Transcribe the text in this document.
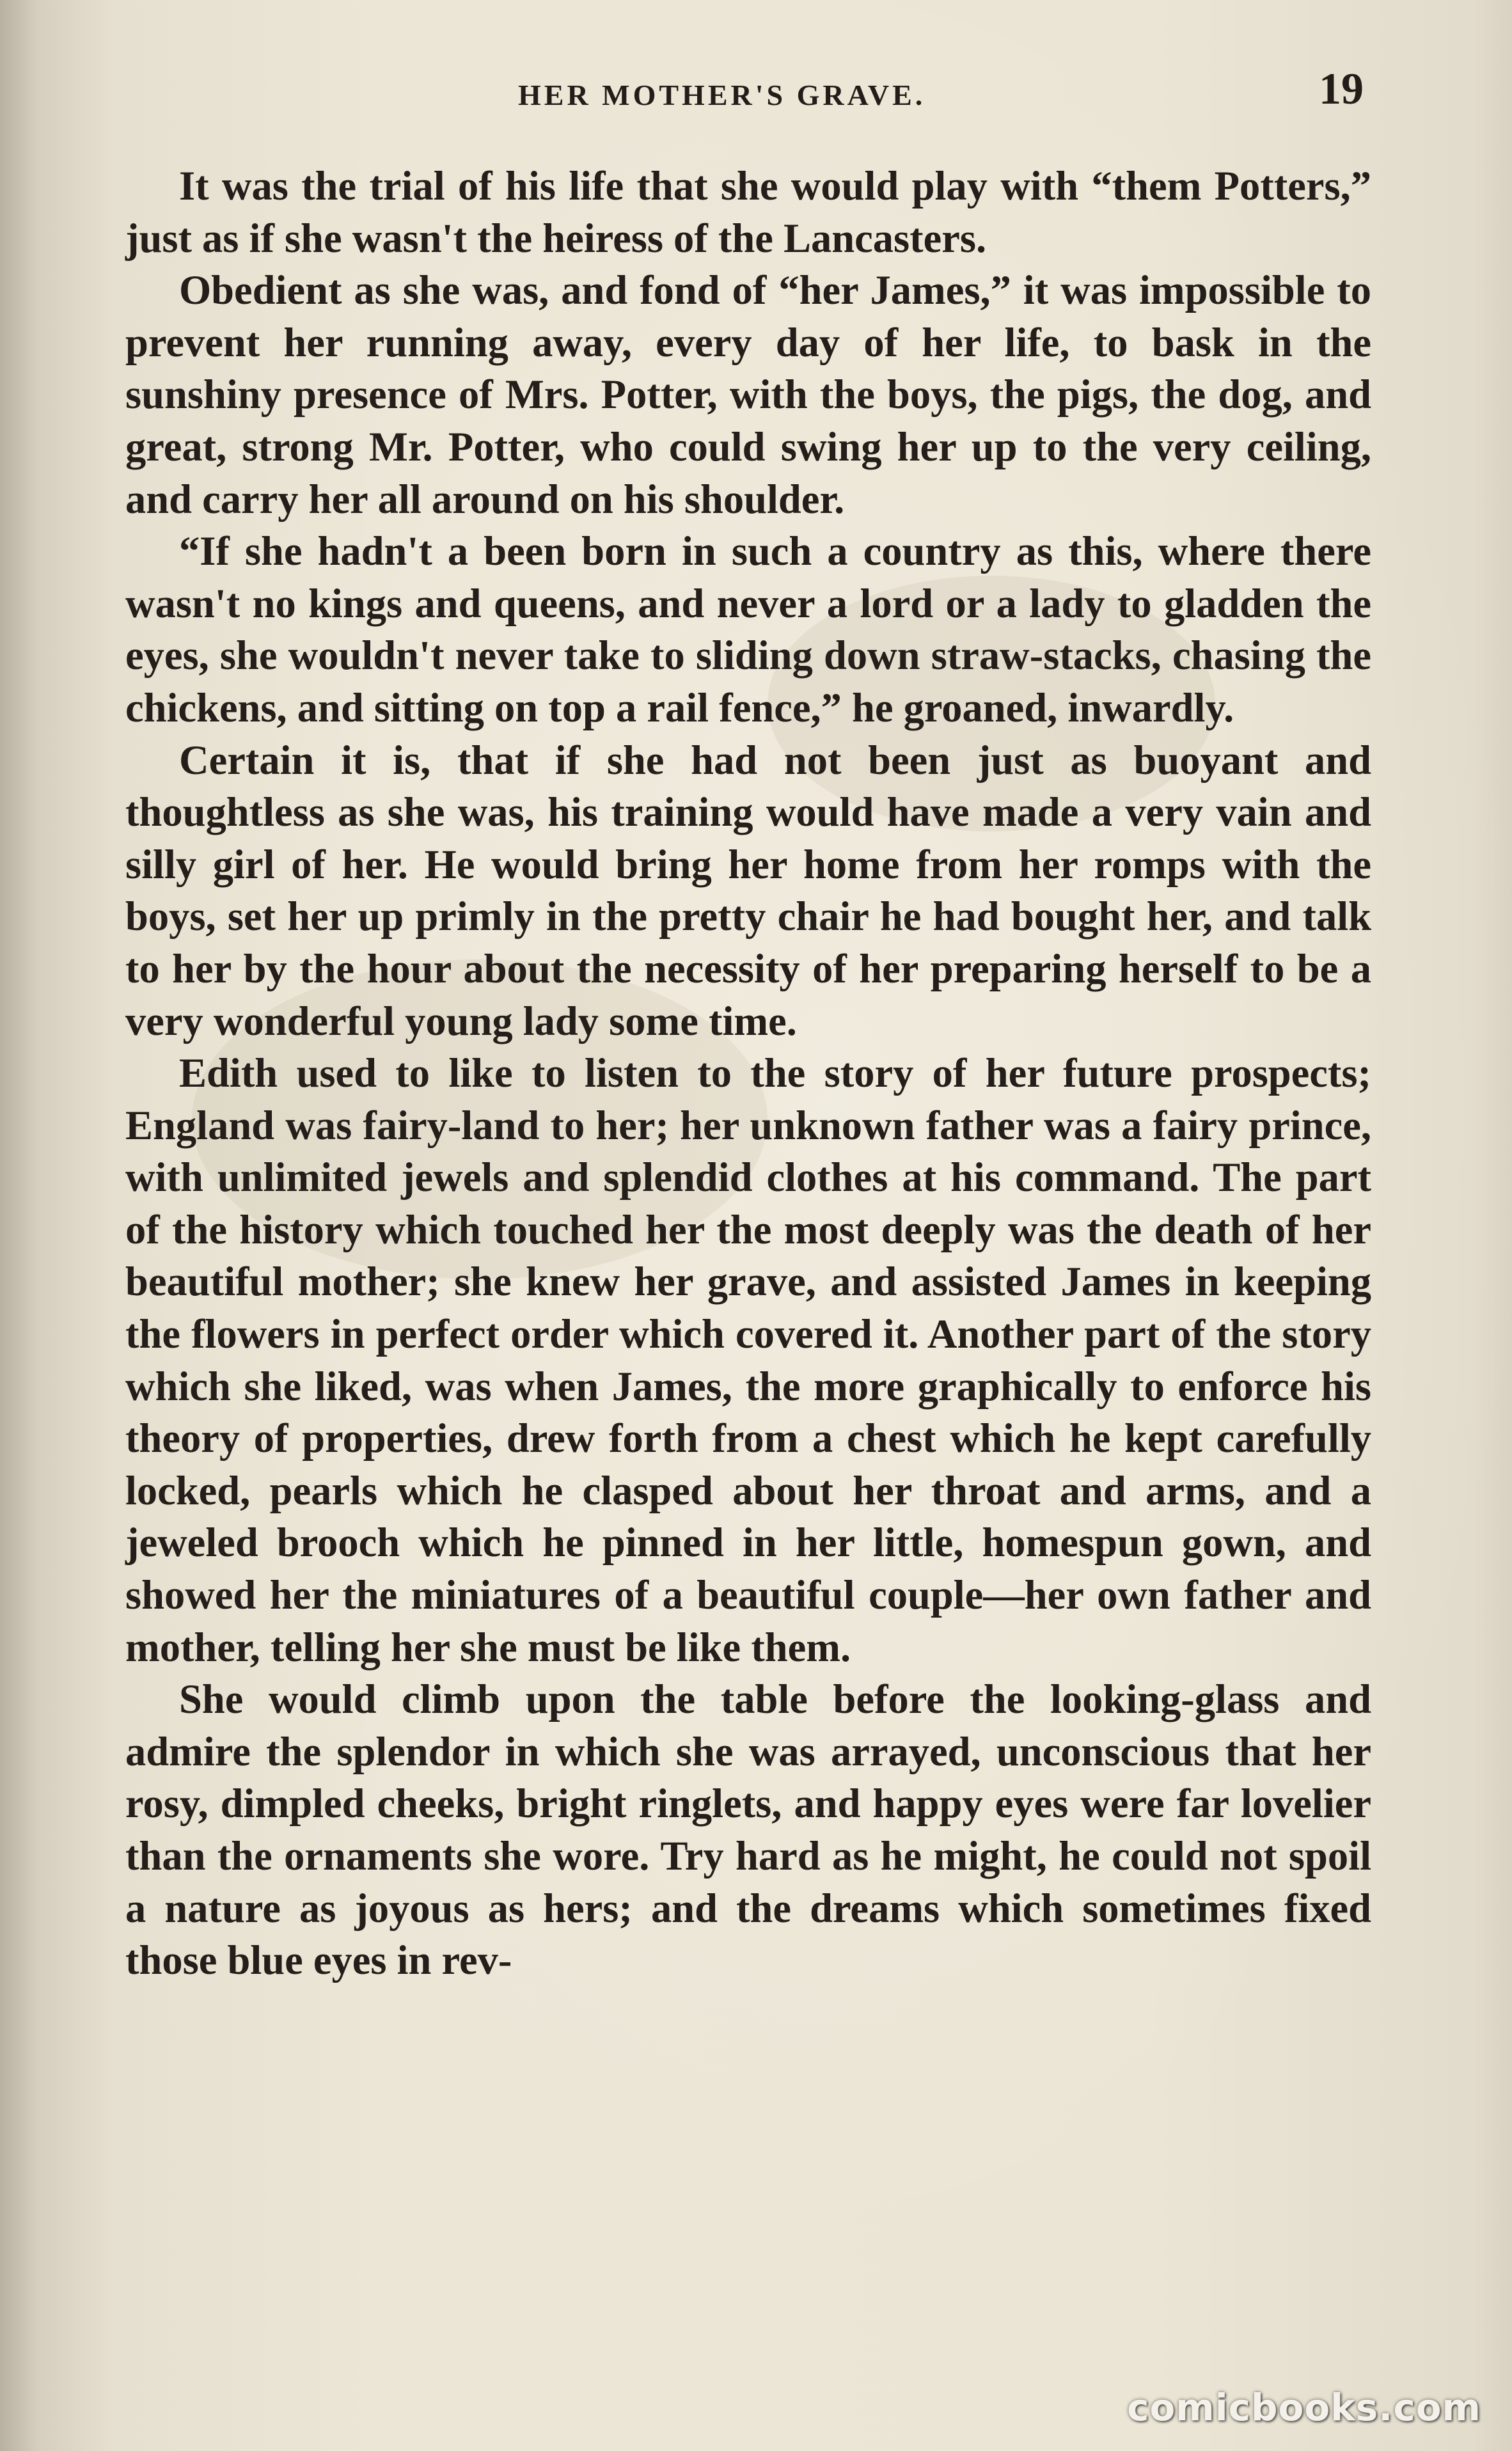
HER MOTHER'S GRAVE.	19

It was the trial of his life that she would play with “them Potters,” just as if she wasn't the heiress of the Lancasters.

Obedient as she was, and fond of “her James,” it was impossible to prevent her running away, every day of her life, to bask in the sunshiny presence of Mrs. Potter, with the boys, the pigs, the dog, and great, strong Mr. Potter, who could swing her up to the very ceiling, and carry her all around on his shoulder.

“If she hadn't a been born in such a country as this, where there wasn't no kings and queens, and never a lord or a lady to gladden the eyes, she wouldn't never take to sliding down straw-stacks, chasing the chickens, and sitting on top a rail fence,” he groaned, inwardly.

Certain it is, that if she had not been just as buoyant and thoughtless as she was, his training would have made a very vain and silly girl of her. He would bring her home from her romps with the boys, set her up primly in the pretty chair he had bought her, and talk to her by the hour about the necessity of her preparing herself to be a very wonderful young lady some time.

Edith used to like to listen to the story of her future prospects; England was fairy-land to her; her unknown father was a fairy prince, with unlimited jewels and splendid clothes at his command. The part of the history which touched her the most deeply was the death of her beautiful mother; she knew her grave, and assisted James in keeping the flowers in perfect order which covered it. Another part of the story which she liked, was when James, the more graphically to enforce his theory of properties, drew forth from a chest which he kept carefully locked, pearls which he clasped about her throat and arms, and a jeweled brooch which he pinned in her little, homespun gown, and showed her the miniatures of a beautiful couple—her own father and mother, telling her she must be like them.

She would climb upon the table before the looking-glass and admire the splendor in which she was arrayed, unconscious that her rosy, dimpled cheeks, bright ringlets, and happy eyes were far lovelier than the ornaments she wore. Try hard as he might, he could not spoil a nature as joyous as hers; and the dreams which sometimes fixed those blue eyes in rev-

comicbooks.com
